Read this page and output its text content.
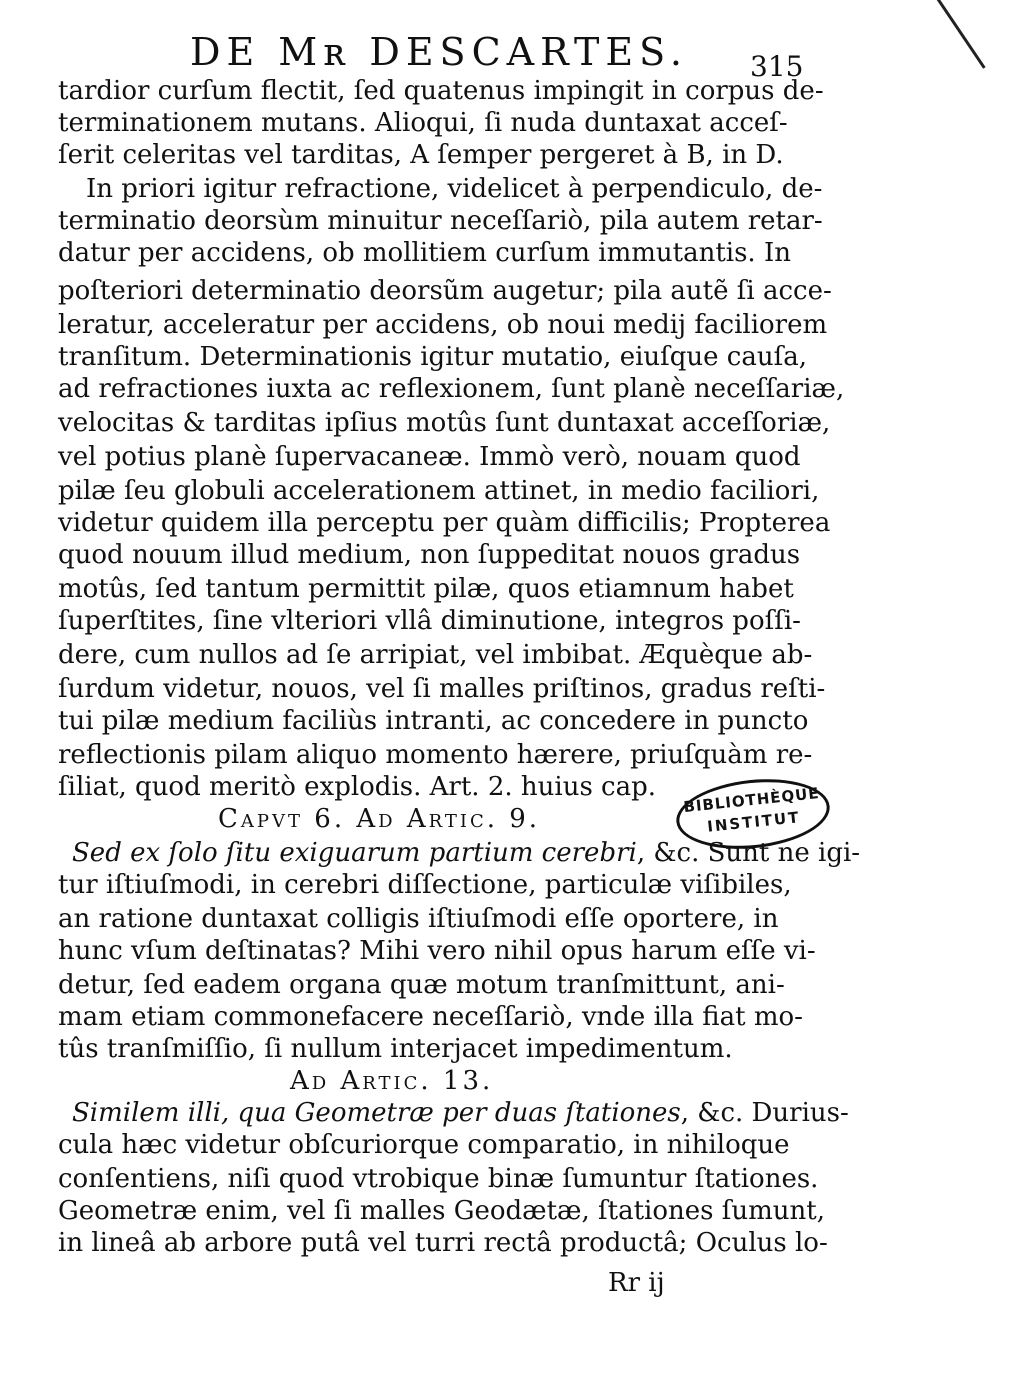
DE Mʀ DESCARTES. 315
tardior curſum flectit, ſed quatenus impingit in corpus de-
terminationem mutans. Alioqui, ſi nuda duntaxat acceſ-
ſerit celeritas vel tarditas, A ſemper pergeret à B, in D.
In priori igitur refractione, videlicet à perpendiculo, de-
terminatio deorsùm minuitur neceſſariò, pila autem retar-
datur per accidens, ob mollitiem curſum immutantis. In
poſteriori determinatio deorsũm augetur; pila autẽ ſi acce-
leratur, acceleratur per accidens, ob noui medij faciliorem
tranſitum. Determinationis igitur mutatio, eiuſque cauſa,
ad refractiones iuxta ac reflexionem, ſunt planè neceſſariæ,
velocitas & tarditas ipſius motûs ſunt duntaxat acceſſoriæ,
vel potius planè ſupervacaneæ. Immò verò, nouam quod
pilæ ſeu globuli accelerationem attinet, in medio faciliori,
videtur quidem illa perceptu per quàm difficilis; Propterea
quod nouum illud medium, non ſuppeditat nouos gradus
motûs, ſed tantum permittit pilæ, quos etiamnum habet
ſuperſtites, ſine vlteriori vllâ diminutione, integros poſſi-
dere, cum nullos ad ſe arripiat, vel imbibat. Æquèque ab-
ſurdum videtur, nouos, vel ſi malles priſtinos, gradus reſti-
tui pilæ medium faciliùs intranti, ac concedere in puncto
reflectionis pilam aliquo momento hærere, priuſquàm re-
ſiliat, quod meritò explodis. Art. 2. huius cap.	BIBLIOTHÈQUE
INSTITUT
Capvt 6. Ad Artic. 9.
Sed ex ſolo ſitu exiguarum partium cerebri, &c. Sunt ne igi-
tur iſtiuſmodi, in cerebri diſſectione, particulæ viſibiles,
an ratione duntaxat colligis iſtiuſmodi eſſe oportere, in
hunc vſum deſtinatas? Mihi vero nihil opus harum eſſe vi-
detur, ſed eadem organa quæ motum tranſmittunt, ani-
mam etiam commonefacere neceſſariò, vnde illa fiat mo-
tûs tranſmiſſio, ſi nullum interjacet impedimentum.
Ad Artic. 13.
Similem illi, qua Geometræ per duas ſtationes, &c. Durius-
cula hæc videtur obſcuriorque comparatio, in nihiloque
conſentiens, niſi quod vtrobique binæ ſumuntur ſtationes.
Geometræ enim, vel ſi malles Geodætæ, ſtationes ſumunt,
in lineâ ab arbore putâ vel turri rectâ productâ; Oculus lo-
Rr ij
